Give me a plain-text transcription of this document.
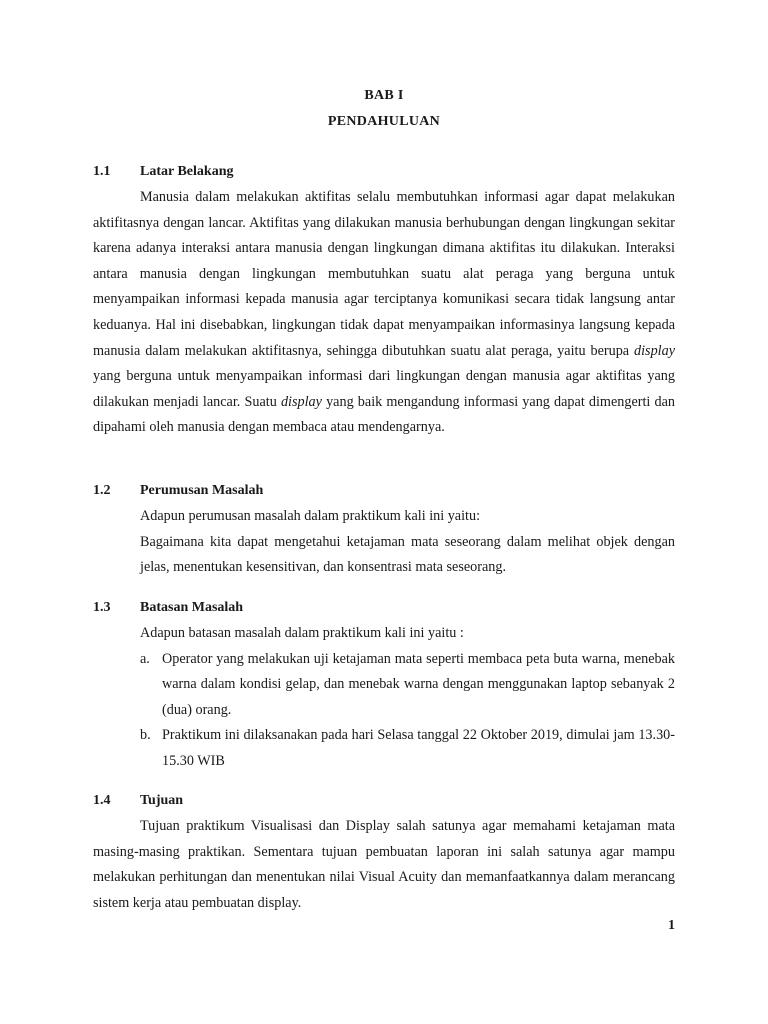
BAB I
PENDAHULUAN
1.1 Latar Belakang
Manusia dalam melakukan aktifitas selalu membutuhkan informasi agar dapat melakukan aktifitasnya dengan lancar. Aktifitas yang dilakukan manusia berhubungan dengan lingkungan sekitar karena adanya interaksi antara manusia dengan lingkungan dimana aktifitas itu dilakukan. Interaksi antara manusia dengan lingkungan membutuhkan suatu alat peraga yang berguna untuk menyampaikan informasi kepada manusia agar terciptanya komunikasi secara tidak langsung antar keduanya. Hal ini disebabkan, lingkungan tidak dapat menyampaikan informasinya langsung kepada manusia dalam melakukan aktifitasnya, sehingga dibutuhkan suatu alat peraga, yaitu berupa display yang berguna untuk menyampaikan informasi dari lingkungan dengan manusia agar aktifitas yang dilakukan menjadi lancar. Suatu display yang baik mengandung informasi yang dapat dimengerti dan dipahami oleh manusia dengan membaca atau mendengarnya.
1.2 Perumusan Masalah
Adapun perumusan masalah dalam praktikum kali ini yaitu:
Bagaimana kita dapat mengetahui ketajaman mata seseorang dalam melihat objek dengan jelas, menentukan kesensitivan, dan konsentrasi mata seseorang.
1.3 Batasan Masalah
Adapun batasan masalah dalam praktikum kali ini yaitu :
a. Operator yang melakukan uji ketajaman mata seperti membaca peta buta warna, menebak warna dalam kondisi gelap, dan menebak warna dengan menggunakan laptop sebanyak 2 (dua) orang.
b. Praktikum ini dilaksanakan pada hari Selasa tanggal 22 Oktober 2019, dimulai jam 13.30-15.30 WIB
1.4 Tujuan
Tujuan praktikum Visualisasi dan Display salah satunya agar memahami ketajaman mata masing-masing praktikan. Sementara tujuan pembuatan laporan ini salah satunya agar mampu melakukan perhitungan dan menentukan nilai Visual Acuity dan memanfaatkannya dalam merancang sistem kerja atau pembuatan display.
1
